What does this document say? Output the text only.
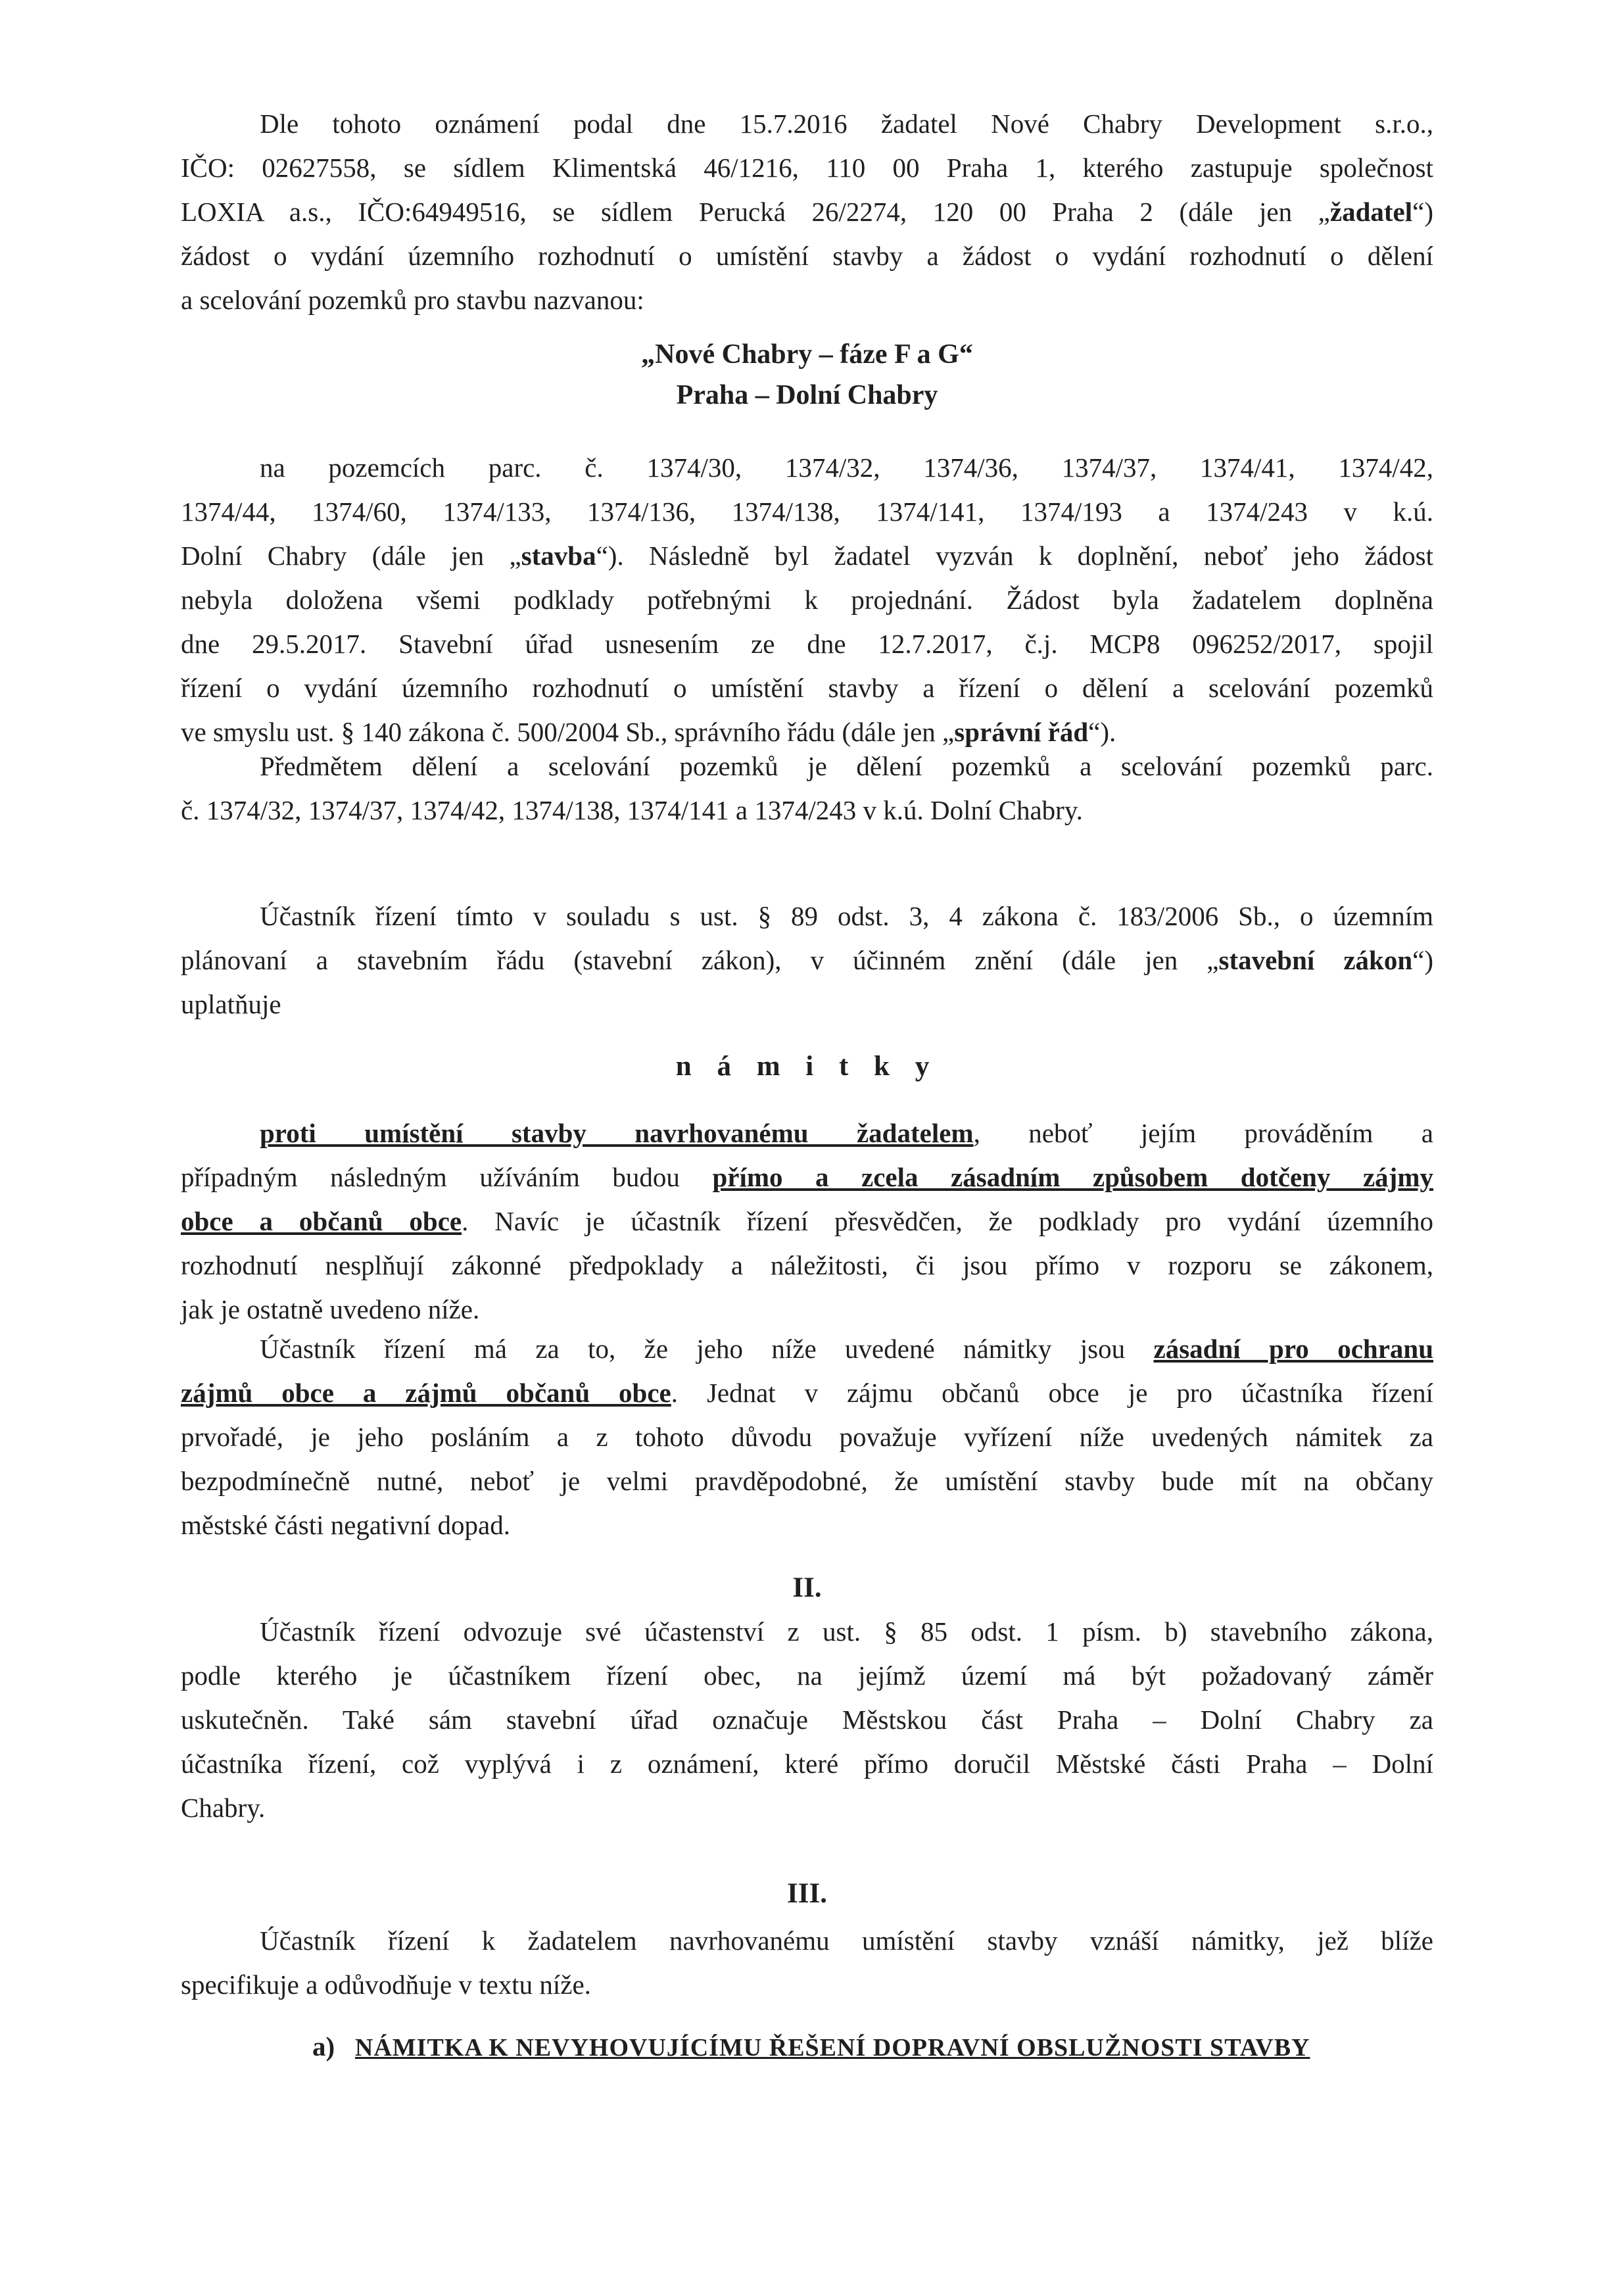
Dle tohoto oznámení podal dne 15.7.2016 žadatel Nové Chabry Development s.r.o.,
IČO: 02627558, se sídlem Klimentská 46/1216, 110 00 Praha 1, kterého zastupuje společnost
LOXIA a.s., IČO:64949516, se sídlem Perucká 26/2274, 120 00 Praha 2 (dále jen „žadatel“)
žádost o vydání územního rozhodnutí o umístění stavby a žádost o vydání rozhodnutí o dělení
a scelování pozemků pro stavbu nazvanou:
„Nové Chabry – fáze F a G“
Praha – Dolní Chabry
na pozemcích parc. č. 1374/30, 1374/32, 1374/36, 1374/37, 1374/41, 1374/42,
1374/44, 1374/60, 1374/133, 1374/136, 1374/138, 1374/141, 1374/193 a 1374/243 v k.ú.
Dolní Chabry (dále jen „stavba“). Následně byl žadatel vyzván k doplnění, neboť jeho žádost
nebyla doložena všemi podklady potřebnými k projednání. Žádost byla žadatelem doplněna
dne 29.5.2017. Stavební úřad usnesením ze dne 12.7.2017, č.j. MCP8 096252/2017, spojil
řízení o vydání územního rozhodnutí o umístění stavby a řízení o dělení a scelování pozemků
ve smyslu ust. § 140 zákona č. 500/2004 Sb., správního řádu (dále jen „správní řád“).
Předmětem dělení a scelování pozemků je dělení pozemků a scelování pozemků parc.
č. 1374/32, 1374/37, 1374/42, 1374/138, 1374/141 a 1374/243 v k.ú. Dolní Chabry.
Účastník řízení tímto v souladu s ust. § 89 odst. 3, 4 zákona č. 183/2006 Sb., o územním
plánovaní a stavebním řádu (stavební zákon), v účinném znění (dále jen „stavební zákon“)
uplatňuje
n á m i t k y
proti umístění stavby navrhovanému žadatelem, neboť jejím prováděním a
případným následným užíváním budou přímo a zcela zásadním způsobem dotčeny zájmy
obce a občanů obce. Navíc je účastník řízení přesvědčen, že podklady pro vydání územního
rozhodnutí nesplňují zákonné předpoklady a náležitosti, či jsou přímo v rozporu se zákonem,
jak je ostatně uvedeno níže.
Účastník řízení má za to, že jeho níže uvedené námitky jsou zásadní pro ochranu
zájmů obce a zájmů občanů obce. Jednat v zájmu občanů obce je pro účastníka řízení
prvořadé, je jeho posláním a z tohoto důvodu považuje vyřízení níže uvedených námitek za
bezpodmínečně nutné, neboť je velmi pravděpodobné, že umístění stavby bude mít na občany
městské části negativní dopad.
II.
Účastník řízení odvozuje své účastenství z ust. § 85 odst. 1 písm. b) stavebního zákona,
podle kterého je účastníkem řízení obec, na jejímž území má být požadovaný záměr
uskutečněn. Také sám stavební úřad označuje Městskou část Praha – Dolní Chabry za
účastníka řízení, což vyplývá i z oznámení, které přímo doručil Městské části Praha – Dolní
Chabry.
III.
Účastník řízení k žadatelem navrhovanému umístění stavby vznáší námitky, jež blíže
specifikuje a odůvodňuje v textu níže.
a) NÁMITKA K NEVYHOVUJÍCÍMU ŘEŠENÍ DOPRAVNÍ OBSLUŽNOSTI STAVBY
